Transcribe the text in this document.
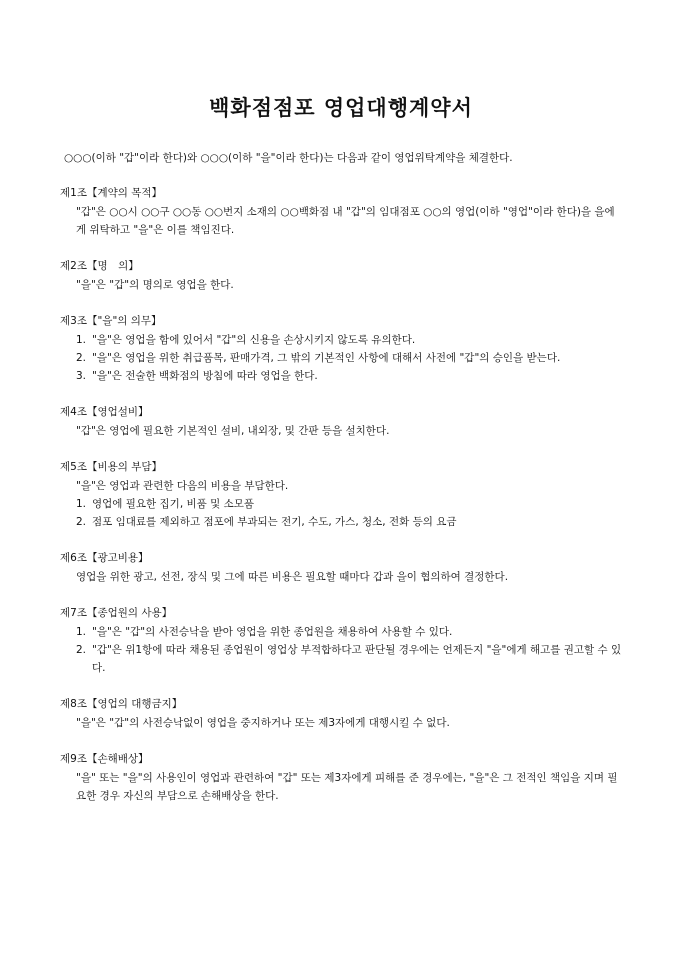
백화점점포 영업대행계약서

○○○(이하 "갑"이라 한다)와 ○○○(이하 "을"이라 한다)는 다음과 같이 영업위탁계약을 체결한다.

제1조【계약의 목적】

"갑"은 ○○시 ○○구 ○○동 ○○번지 소재의 ○○백화점 내 "갑"의 임대점포 ○○의 영업(이하 "영업"이라 한다)을 을에게 위탁하고 "을"은 이를 책임진다.

제2조【명　의】

"을"은 "갑"의 명의로 영업을 한다.

제3조【"을"의 의무】

1. "을"은 영업을 함에 있어서 "갑"의 신용을 손상시키지 않도록 유의한다.
2. "을"은 영업을 위한 취급품목, 판매가격, 그 밖의 기본적인 사항에 대해서 사전에 "갑"의 승인을 받는다.
3. "을"은 전술한 백화점의 방침에 따라 영업을 한다.

제4조【영업설비】

"갑"은 영업에 필요한 기본적인 설비, 내외장, 및 간판 등을 설치한다.

제5조【비용의 부담】

"을"은 영업과 관련한 다음의 비용을 부담한다.

1. 영업에 필요한 집기, 비품 및 소모품
2. 점포 임대료를 제외하고 점포에 부과되는 전기, 수도, 가스, 청소, 전화 등의 요금

제6조【광고비용】

영업을 위한 광고, 선전, 장식 및 그에 따른 비용은 필요할 때마다 갑과 을이 협의하여 결정한다.

제7조【종업원의 사용】

1. "을"은 "갑"의 사전승낙을 받아 영업을 위한 종업원을 채용하여 사용할 수 있다.
2. "갑"은 위1항에 따라 채용된 종업원이 영업상 부적합하다고 판단될 경우에는 언제든지 "을"에게 해고를 권고할 수 있다.

제8조【영업의 대행금지】

"을"은 "갑"의 사전승낙없이 영업을 중지하거나 또는 제3자에게 대행시킬 수 없다.

제9조【손해배상】

"을" 또는 "을"의 사용인이 영업과 관련하여 "갑" 또는 제3자에게 피해를 준 경우에는, "을"은 그 전적인 책임을 지며 필요한 경우 자신의 부담으로 손해배상을 한다.
